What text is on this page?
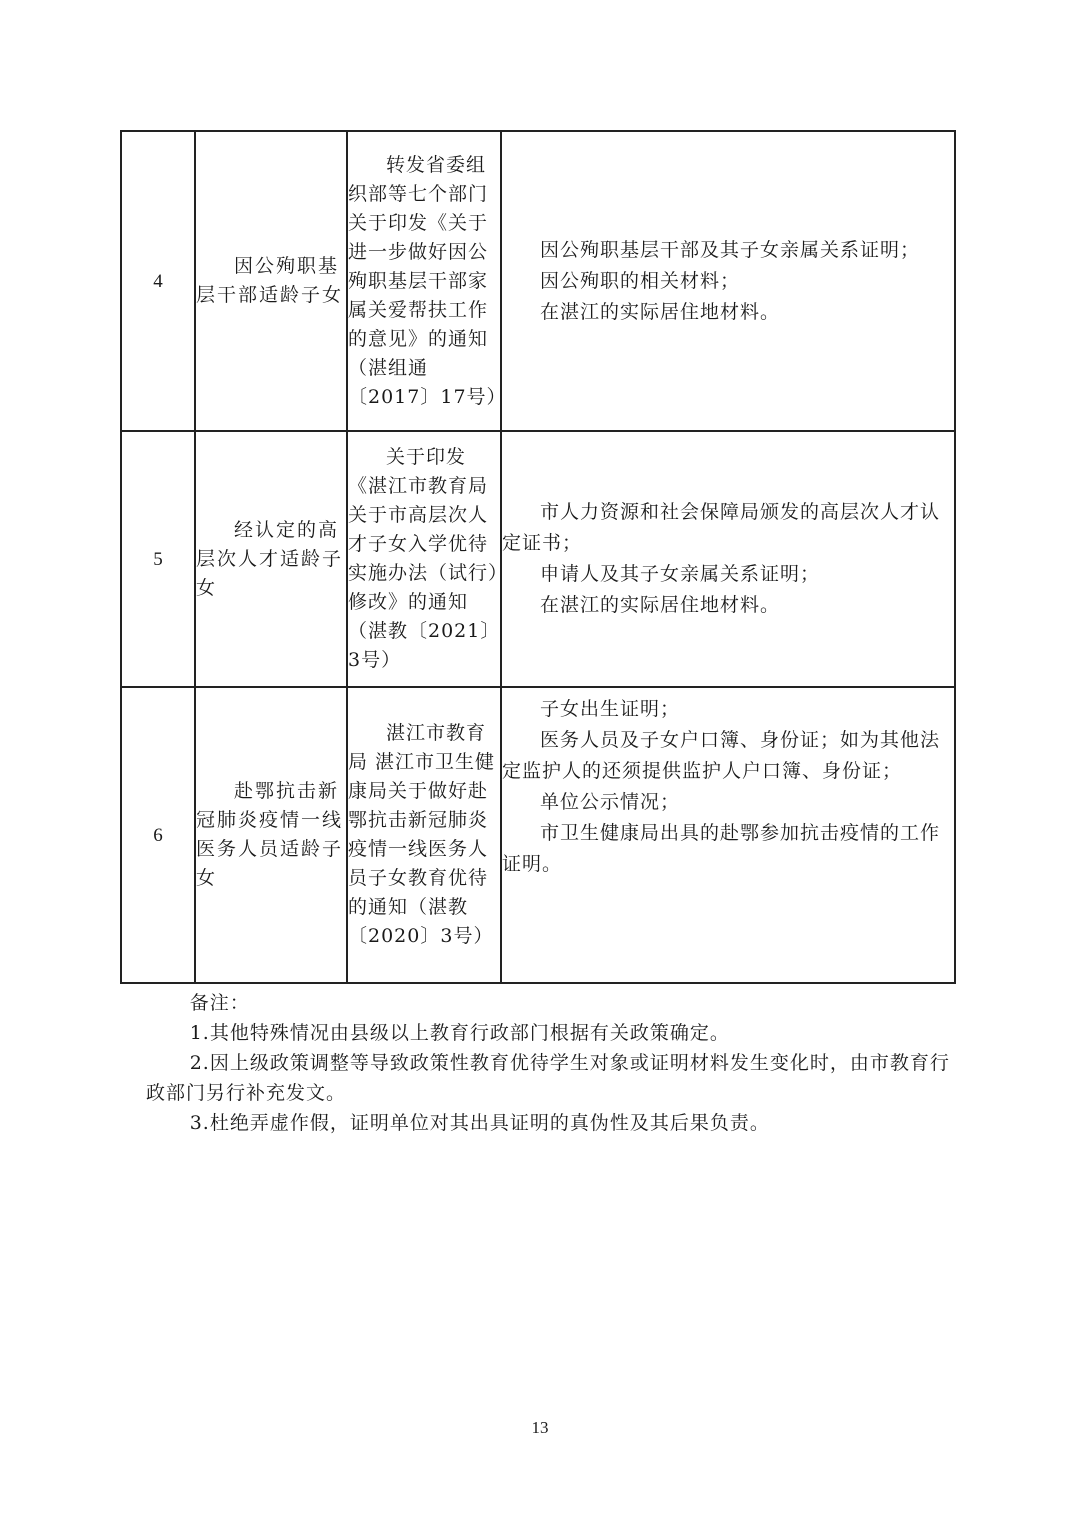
4	因公殉职基层干部适龄子女	转发省委组织部等七个部门关于印发《关于进一步做好因公殉职基层干部家属关爱帮扶工作的意见》的通知（湛组通〔2017〕17号）	因公殉职基层干部及其子女亲属关系证明；

因公殉职的相关材料；

在湛江的实际居住地材料。

5	经认定的高层次人才适龄子女	关于印发《湛江市教育局关于市高层次人才子女入学优待实施办法（试行）修改》的通知（湛教〔2021〕3号）	市人力资源和社会保障局颁发的高层次人才认定证书；

申请人及其子女亲属关系证明；

在湛江的实际居住地材料。

6	赴鄂抗击新冠肺炎疫情一线医务人员适龄子女	湛江市教育局 湛江市卫生健康局关于做好赴鄂抗击新冠肺炎疫情一线医务人员子女教育优待的通知（湛教〔2020〕3号）	子女出生证明；

医务人员及子女户口簿、身份证；如为其他法定监护人的还须提供监护人户口簿、身份证；

单位公示情况；

市卫生健康局出具的赴鄂参加抗击疫情的工作证明。

备注：

1.其他特殊情况由县级以上教育行政部门根据有关政策确定。

2.因上级政策调整等导致政策性教育优待学生对象或证明材料发生变化时，由市教育行政部门另行补充发文。

3.杜绝弄虚作假，证明单位对其出具证明的真伪性及其后果负责。

13
